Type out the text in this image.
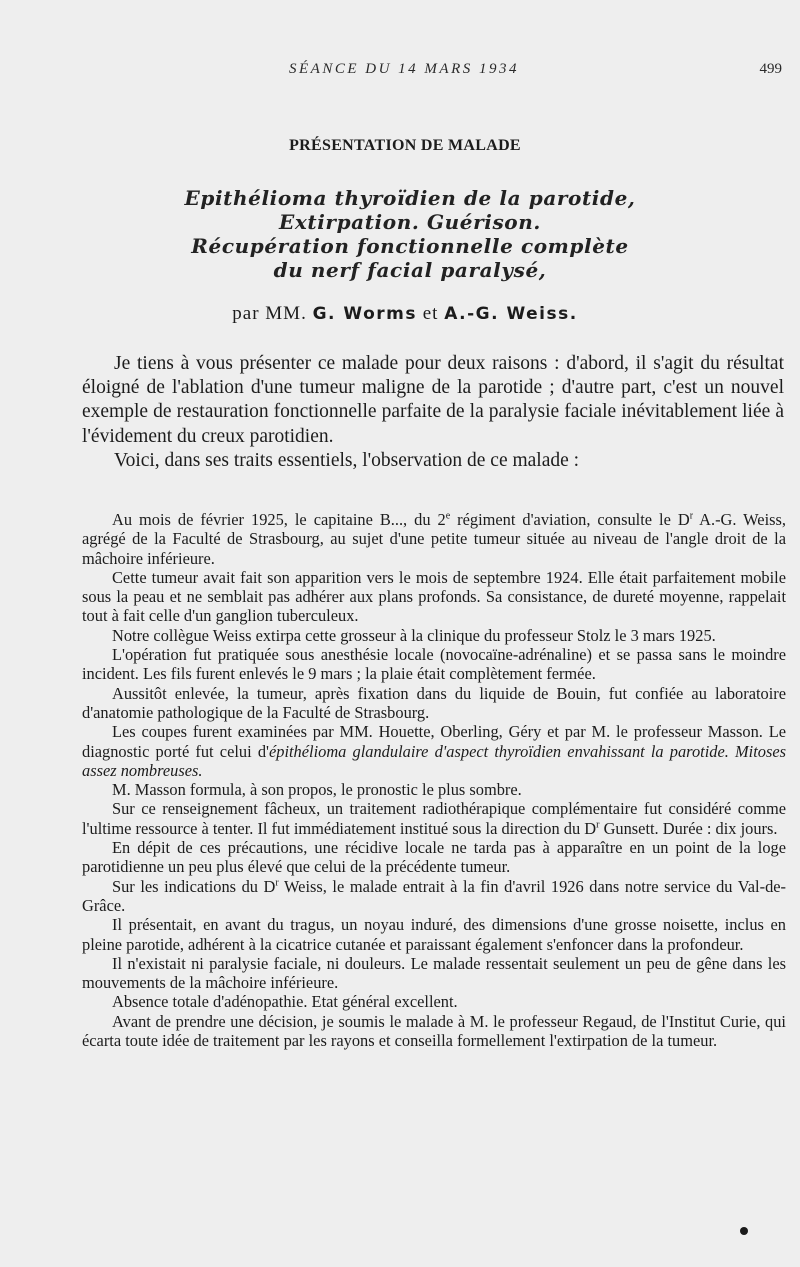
SÉANCE DU 14 MARS 1934	499
PRÉSENTATION DE MALADE
Epithélioma thyroïdien de la parotide,
Extirpation. Guérison.
Récupération fonctionnelle complète
du nerf facial paralysé,
par MM. G. Worms et A.-G. Weiss.

Je tiens à vous présenter ce malade pour deux raisons : d'abord, il s'agit du résultat éloigné de l'ablation d'une tumeur maligne de la parotide ; d'autre part, c'est un nouvel exemple de restauration fonctionnelle parfaite de la paralysie faciale inévitablement liée à l'évidement du creux parotidien.

Voici, dans ses traits essentiels, l'observation de ce malade :

Au mois de février 1925, le capitaine B..., du 2e régiment d'aviation, consulte le $D^r$ A.-G. Weiss, agrégé de la Faculté de Strasbourg, au sujet d'une petite tumeur située au niveau de l'angle droit de la mâchoire inférieure.

Cette tumeur avait fait son apparition vers le mois de septembre 1924. Elle était parfaitement mobile sous la peau et ne semblait pas adhérer aux plans profonds. Sa consistance, de dureté moyenne, rappelait tout à fait celle d'un ganglion tuberculeux.

Notre collègue Weiss extirpa cette grosseur à la clinique du professeur Stolz le 3 mars 1925.

L'opération fut pratiquée sous anesthésie locale (novocaïne-adrénaline) et se passa sans le moindre incident. Les fils furent enlevés le 9 mars ; la plaie était complètement fermée.

Aussitôt enlevée, la tumeur, après fixation dans du liquide de Bouin, fut confiée au laboratoire d'anatomie pathologique de la Faculté de Strasbourg.

Les coupes furent examinées par MM. Houette, Oberling, Géry et par M. le professeur Masson. Le diagnostic porté fut celui d'épithélioma glandulaire d'aspect thyroïdien envahissant la parotide. Mitoses assez nombreuses.

M. Masson formula, à son propos, le pronostic le plus sombre.

Sur ce renseignement fâcheux, un traitement radiothérapique complémentaire fut considéré comme l'ultime ressource à tenter. Il fut immédiatement institué sous la direction du $D^r$ Gunsett. Durée : dix jours.

En dépit de ces précautions, une récidive locale ne tarda pas à apparaître en un point de la loge parotidienne un peu plus élevé que celui de la précédente tumeur.

Sur les indications du $D^r$ Weiss, le malade entrait à la fin d'avril 1926 dans notre service du Val-de-Grâce.

Il présentait, en avant du tragus, un noyau induré, des dimensions d'une grosse noisette, inclus en pleine parotide, adhérent à la cicatrice cutanée et paraissant également s'enfoncer dans la profondeur.

Il n'existait ni paralysie faciale, ni douleurs. Le malade ressentait seulement un peu de gêne dans les mouvements de la mâchoire inférieure.

Absence totale d'adénopathie. Etat général excellent.

Avant de prendre une décision, je soumis le malade à M. le professeur Regaud, de l'Institut Curie, qui écarta toute idée de traitement par les rayons et conseilla formellement l'extirpation de la tumeur.
